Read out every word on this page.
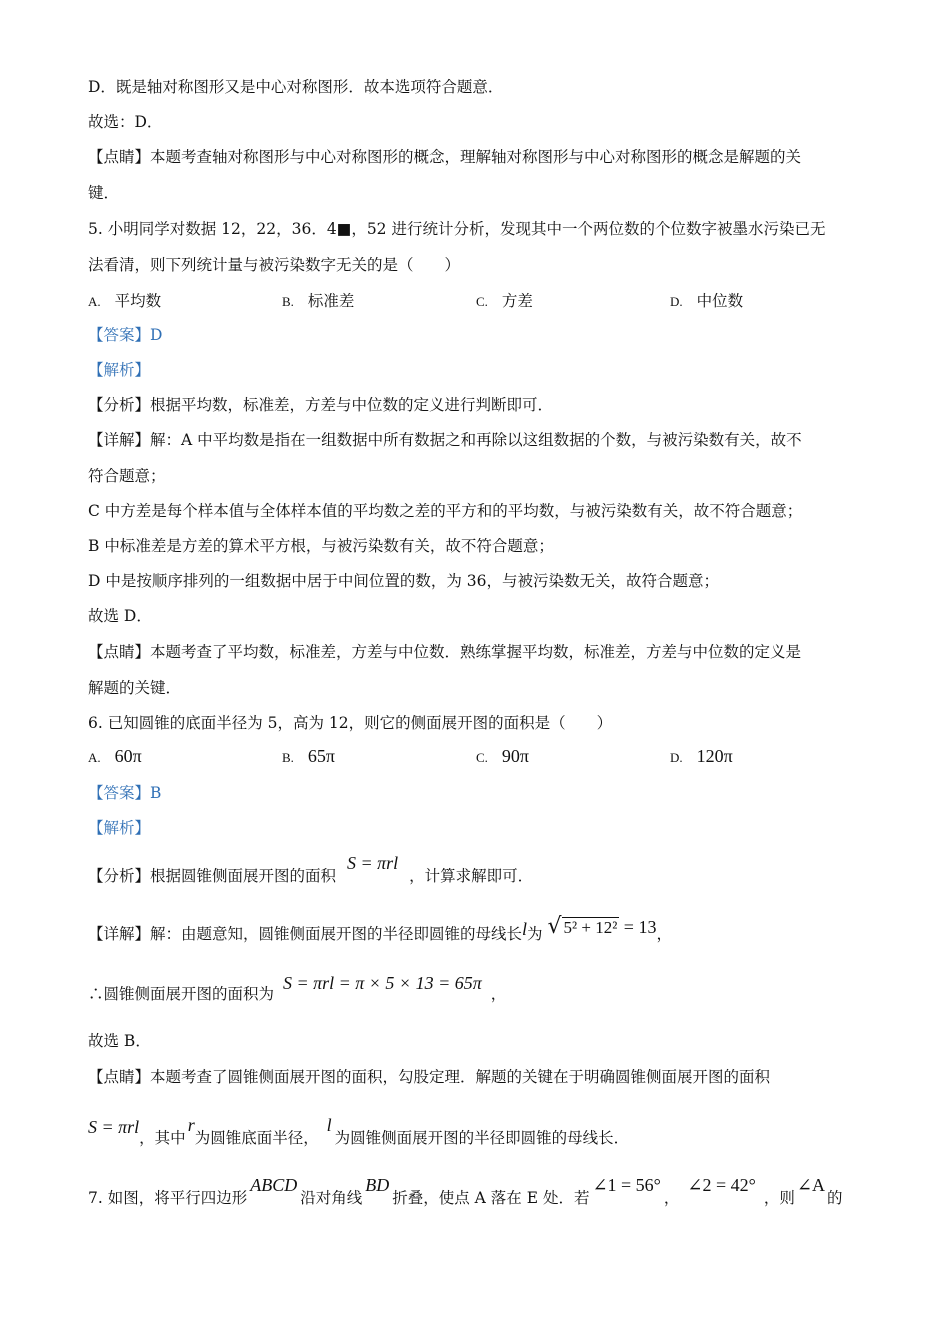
D．既是轴对称图形又是中心对称图形．故本选项符合题意．
故选：D．
【点睛】本题考查轴对称图形与中心对称图形的概念，理解轴对称图形与中心对称图形的概念是解题的关
键．
5. 小明同学对数据 12，22，36．4■，52 进行统计分析，发现其中一个两位数的个位数字被墨水污染已无
法看清，则下列统计量与被污染数字无关的是（　　）
A. 平均数	B. 标准差	C. 方差	D. 中位数
【答案】D
【解析】
【分析】根据平均数，标准差，方差与中位数的定义进行判断即可．
【详解】解：A 中平均数是指在一组数据中所有数据之和再除以这组数据的个数，与被污染数有关，故不
符合题意；
C 中方差是每个样本值与全体样本值的平均数之差的平方和的平均数，与被污染数有关，故不符合题意；
B 中标准差是方差的算术平方根，与被污染数有关，故不符合题意；
D 中是按顺序排列的一组数据中居于中间位置的数，为 36，与被污染数无关，故符合题意；
故选 D．
【点睛】本题考查了平均数，标准差，方差与中位数．熟练掌握平均数，标准差，方差与中位数的定义是
解题的关键．
6. 已知圆锥的底面半径为 5，高为 12，则它的侧面展开图的面积是（　　）
A. 60π	B. 65π	C. 90π	D. 120π
【答案】B
【解析】
【分析】根据圆锥侧面展开图的面积 S = πrl ，计算求解即可．
【详解】解：由题意知，圆锥侧面展开图的半径即圆锥的母线长l为 √ 5² + 12² = 13，
∴圆锥侧面展开图的面积为 S = πrl = π × 5 × 13 = 65π ，
故选 B．
【点睛】本题考查了圆锥侧面展开图的面积，勾股定理．解题的关键在于明确圆锥侧面展开图的面积
S = πrl，其中r为圆锥底面半径， l为圆锥侧面展开图的半径即圆锥的母线长．
7. 如图，将平行四边形ABCD沿对角线BD折叠，使点 A 落在 E 处．若∠1 = 56°，∠2 = 42°，则∠A的
